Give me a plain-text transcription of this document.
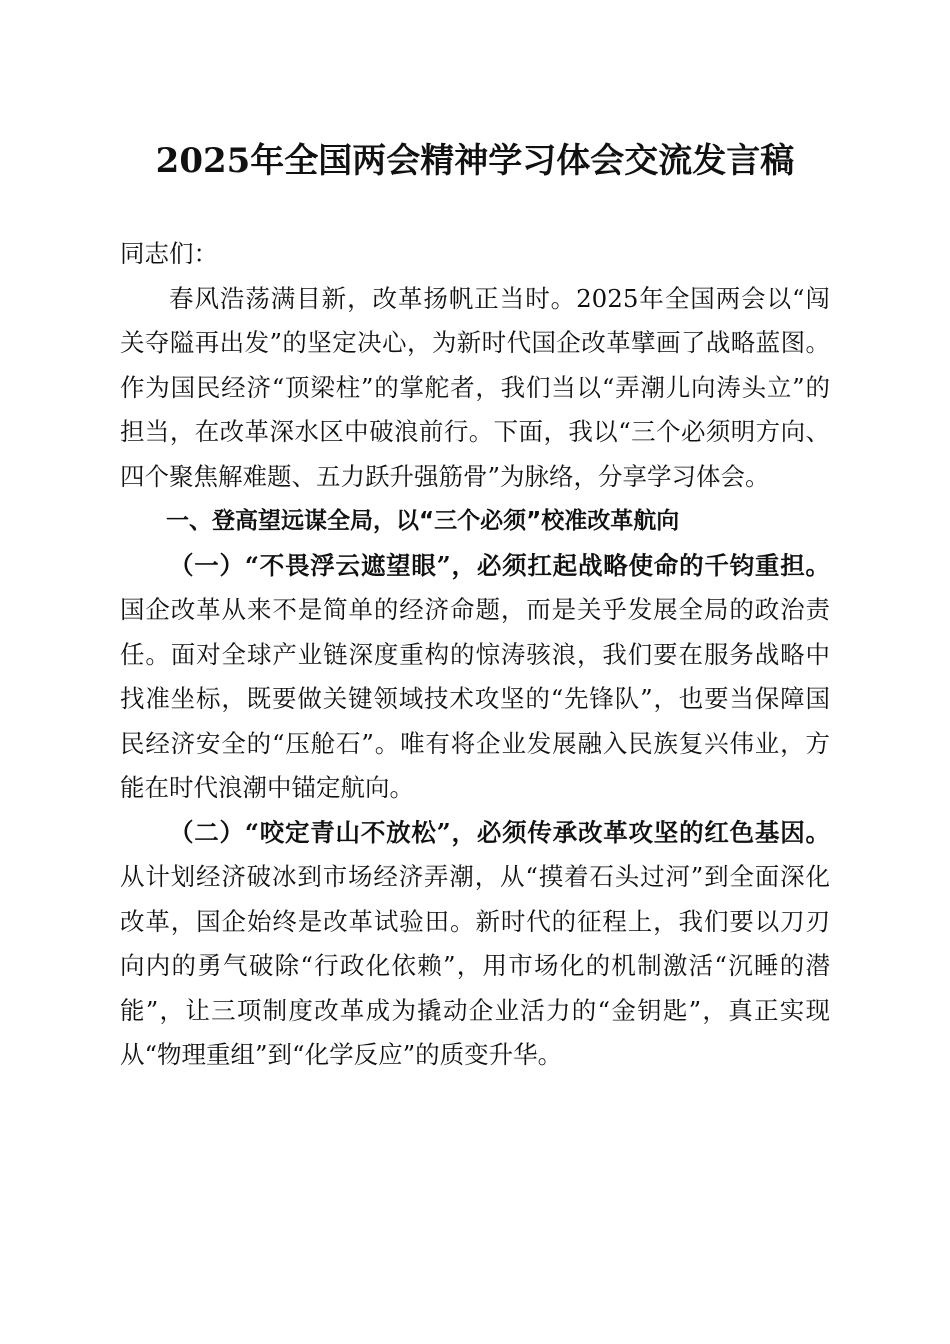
2025年全国两会精神学习体会交流发言稿

同志们：

春风浩荡满目新，改革扬帆正当时。2025年全国两会以“闯关夺隘再出发”的坚定决心，为新时代国企改革擘画了战略蓝图。作为国民经济“顶梁柱”的掌舵者，我们当以“弄潮儿向涛头立”的担当，在改革深水区中破浪前行。下面，我以“三个必须明方向、四个聚焦解难题、五力跃升强筋骨”为脉络，分享学习体会。

一、登高望远谋全局，以“三个必须”校准改革航向

（一）“不畏浮云遮望眼”，必须扛起战略使命的千钧重担。国企改革从来不是简单的经济命题，而是关乎发展全局的政治责任。面对全球产业链深度重构的惊涛骇浪，我们要在服务战略中找准坐标，既要做关键领域技术攻坚的“先锋队”，也要当保障国民经济安全的“压舱石”。唯有将企业发展融入民族复兴伟业，方能在时代浪潮中锚定航向。

（二）“咬定青山不放松”，必须传承改革攻坚的红色基因。从计划经济破冰到市场经济弄潮，从“摸着石头过河”到全面深化改革，国企始终是改革试验田。新时代的征程上，我们要以刀刃向内的勇气破除“行政化依赖”，用市场化的机制激活“沉睡的潜能”，让三项制度改革成为撬动企业活力的“金钥匙”，真正实现从“物理重组”到“化学反应”的质变升华。
